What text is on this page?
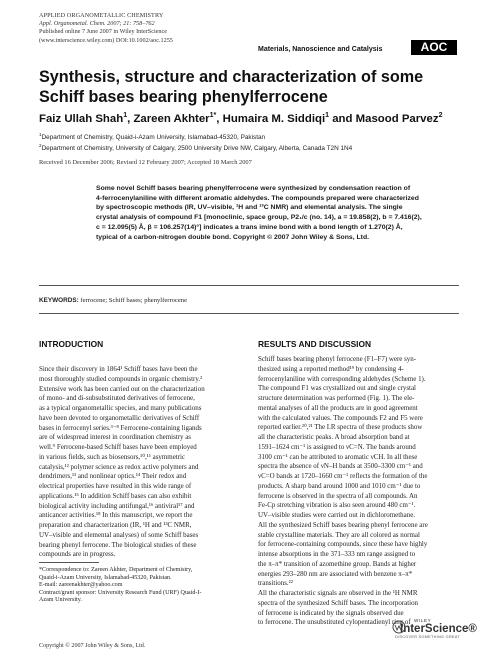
APPLIED ORGANOMETALLIC CHEMISTRY
Appl. Organometal. Chem. 2007; 21: 758–762
Published online 7 June 2007 in Wiley InterScience
(www.interscience.wiley.com) DOI:10.1002/aoc.1255
Materials, Nanoscience and Catalysis	AOC
Synthesis, structure and characterization of some
Schiff bases bearing phenylferrocene
Faiz Ullah Shah$^1$, Zareen Akhter$^{1*}$, Humaira M. Siddiqi$^1$ and Masood Parvez$^2$
$^1$Department of Chemistry, Quaid-i-Azam University, Islamabad-45320, Pakistan
$^2$Department of Chemistry, University of Calgary, 2500 University Drive NW, Calgary, Alberta, Canada T2N 1N4
Received 16 December 2006; Revised 12 February 2007; Accepted 18 March 2007
Some novel Schiff bases bearing phenylferrocene were synthesized by condensation reaction of
4-ferrocenylaniline with different aromatic aldehydes. The compounds prepared were characterized
by spectroscopic methods (IR, UV–visible, ¹H and ¹³C NMR) and elemental analysis. The single
crystal analysis of compound F1 [monoclinic, space group, P2₁/c (no. 14), a = 19.858(2), b = 7.416(2),
c = 12.095(5) Å, β = 106.257(14)°] indicates a trans imine bond with a bond length of 1.270(2) Å,
typical of a carbon-nitrogen double bond. Copyright © 2007 John Wiley & Sons, Ltd.
KEYWORDS: ferrocene; Schiff bases; phenylferrocene
INTRODUCTION
Since their discovery in 1864¹ Schiff bases have been the
most thoroughly studied compounds in organic chemistry.²
Extensive work has been carried out on the characterization
of mono- and di-subsubstituted derivatives of ferrocene,
as a typical organometallic species, and many publications
have been devoted to organometallic derivatives of Schiff
bases in ferrocenyl series.³⁻⁸ Ferrocene-containing ligands
are of widespread interest in coordination chemistry as
well.⁹ Ferrocene-based Schiff bases have been employed
in various fields, such as biosensors,¹⁰,¹¹ asymmetric
catalysis,¹² polymer science as redox active polymers and
dendrimers,¹³ and nonlinear optics.¹⁴ Their redox and
electrical properties have resulted in this wide range of
applications.¹⁵ In addition Schiff bases can also exhibit
biological activity including antifungal,¹⁶ antiviral¹⁷ and
anticancer activities.¹⁸ In this manuscript, we report the
preparation and characterization (IR, ¹H and ¹³C NMR,
UV–visible and elemental analyses) of some Schiff bases
bearing phenyl ferrocene. The biological studies of these
compounds are in progress.
*Correspondence to: Zareen Akhter, Department of Chemistry,
Quaid-i-Azam University, Islamabad-45320, Pakistan.
E-mail: zareenakhter@yahoo.com
Contract/grant sponsor: University Research Fund (URF) Quaid-I-
Azam University.
Copyright © 2007 John Wiley & Sons, Ltd.
RESULTS AND DISCUSSION
Schiff bases bearing phenyl ferrocene (F1–F7) were syn-
thesized using a reported method¹⁹ by condensing 4-
ferrocenylaniline with corresponding aldehydes (Scheme 1).
The compound F1 was crystallized out and single crystal
structure determination was performed (Fig. 1). The ele-
mental analyses of all the products are in good agreement
with the calculated values. The compounds F2 and F5 were
reported earlier.²⁰,²¹ The I.R spectra of these products show
all the characteristic peaks. A broad absorption band at
1591–1624 cm⁻¹ is assigned to νC=N. The bands around
3100 cm⁻¹ can be attributed to aromatic νCH. In all these
spectra the absence of νN–H bands at 3500–3300 cm⁻¹ and
νC=O bands at 1720–1660 cm⁻¹ reflects the formation of the
products. A sharp band around 1000 and 1010 cm⁻¹ due to
ferrocene is observed in the spectra of all compounds. An
Fe-Cp stretching vibration is also seen around 480 cm⁻¹.
UV–visible studies were carried out in dichloromethane.
All the synthesized Schiff bases bearing phenyl ferrocene are
stable crystalline materials. They are all colored as normal
for ferrocene-containing compounds, since these have highly
intense absorptions in the 371–333 nm range assigned to
the π–π* transition of azomethine group. Bands at higher
energies 293–280 nm are associated with benzene π–π*
transitions.²²
All the characteristic signals are observed in the ¹H NMR
spectra of the synthesized Schiff bases. The incorporation
of ferrocene is indicated by the signals observed due
to ferrocene. The unsubstituted cylopentadienyl ring of WILEY
InterScience®
DISCOVER SOMETHING GREAT
